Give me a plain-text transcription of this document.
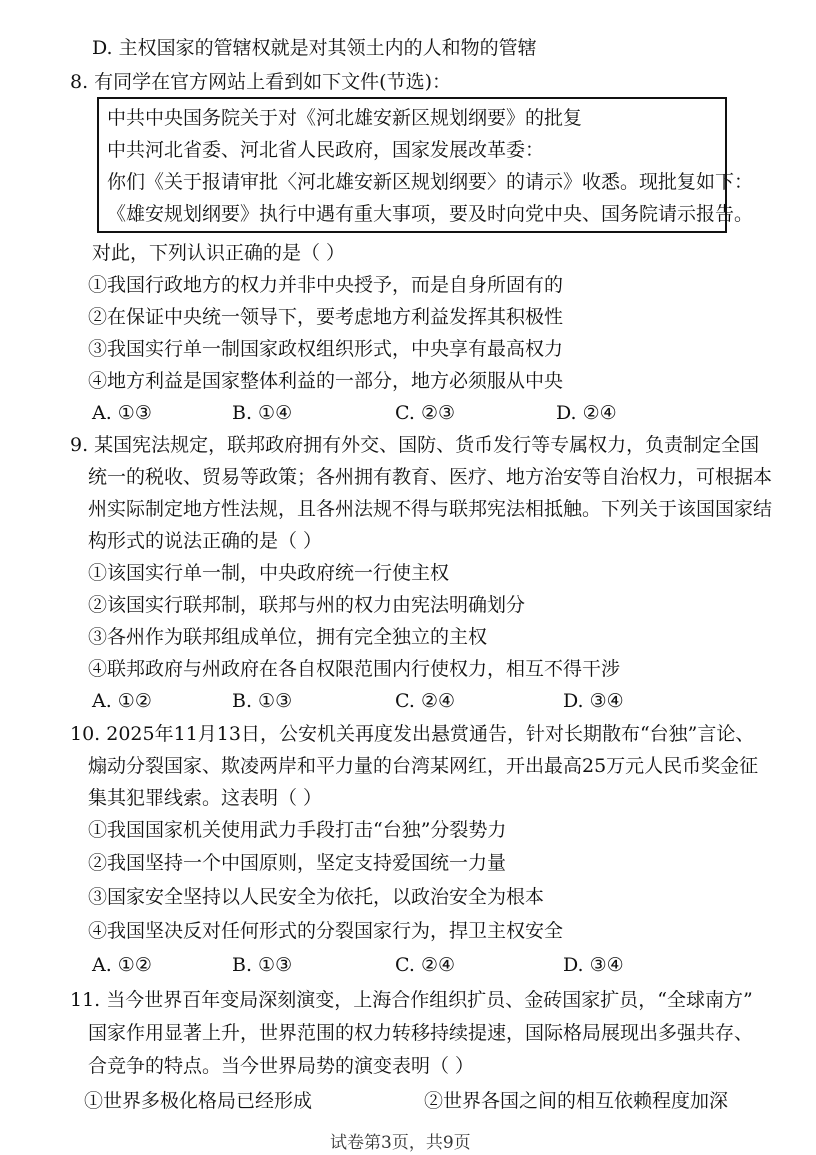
D. 主权国家的管辖权就是对其领土内的人和物的管辖
8. 有同学在官方网站上看到如下文件(节选)：
中共中央国务院关于对《河北雄安新区规划纲要》的批复
中共河北省委、河北省人民政府，国家发展改革委：
你们《关于报请审批〈河北雄安新区规划纲要〉的请示》收悉。现批复如下：
《雄安规划纲要》执行中遇有重大事项，要及时向党中央、国务院请示报告。
对此，下列认识正确的是（ ）
①我国行政地方的权力并非中央授予，而是自身所固有的
②在保证中央统一领导下，要考虑地方利益发挥其积极性
③我国实行单一制国家政权组织形式，中央享有最高权力
④地方利益是国家整体利益的一部分，地方必须服从中央
A. ①③	B. ①④	C. ②③	D. ②④
9. 某国宪法规定，联邦政府拥有外交、国防、货币发行等专属权力，负责制定全国
统一的税收、贸易等政策；各州拥有教育、医疗、地方治安等自治权力，可根据本
州实际制定地方性法规，且各州法规不得与联邦宪法相抵触。下列关于该国国家结
构形式的说法正确的是（ ）
①该国实行单一制，中央政府统一行使主权
②该国实行联邦制，联邦与州的权力由宪法明确划分
③各州作为联邦组成单位，拥有完全独立的主权
④联邦政府与州政府在各自权限范围内行使权力，相互不得干涉
A. ①②	B. ①③	C. ②④	D. ③④
10. 2025年11月13日，公安机关再度发出悬赏通告，针对长期散布“台独”言论、
煽动分裂国家、欺凌两岸和平力量的台湾某网红，开出最高25万元人民币奖金征
集其犯罪线索。这表明（ ）
①我国国家机关使用武力手段打击“台独”分裂势力
②我国坚持一个中国原则，坚定支持爱国统一力量
③国家安全坚持以人民安全为依托，以政治安全为根本
④我国坚决反对任何形式的分裂国家行为，捍卫主权安全
A. ①②	B. ①③	C. ②④	D. ③④
11. 当今世界百年变局深刻演变，上海合作组织扩员、金砖国家扩员，“全球南方”
国家作用显著上升，世界范围的权力转移持续提速，国际格局展现出多强共存、
合竞争的特点。当今世界局势的演变表明（ ）
①世界多极化格局已经形成	②世界各国之间的相互依赖程度加深
试卷第3页，共9页
